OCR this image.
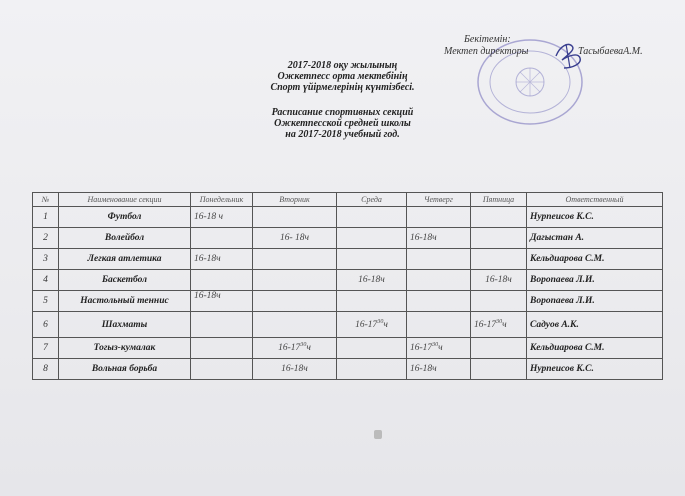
Бекітемін:
Мектеп директоры	ТасыбаеваА.М.
2017-2018 оқу жылының
Ожкетпесс орта мектебінің
Спорт үйірмелерінің күнтізбесі.
Расписание спортивных секций
Ожкетпесской средней школы
на 2017-2018 учебный год.
№	Наименование секции	Понедельник	Вторник	Среда	Четверг	Пятница	Ответственный
1	Футбол	16-18 ч					Нурпеисов К.С.
2	Волейбол		16- 18ч		16-18ч		Дагыстан А.
3	Легкая атлетика	16-18ч					Кельдиарова С.М.
4	Баскетбол			16-18ч		16-18ч	Воропаева Л.И.
5	Настольный теннис	16-18ч					Воропаева Л.И.
6	Шахматы			$16-17^{30}ч$		$16-17^{30}ч$	Садуов А.К.
7	Тогыз-кумалак		$16-17^{30}ч$		$16-17^{30}ч$		Кельдиарова С.М.
8	Вольная борьба		16-18ч		16-18ч		Нурпеисов К.С.
